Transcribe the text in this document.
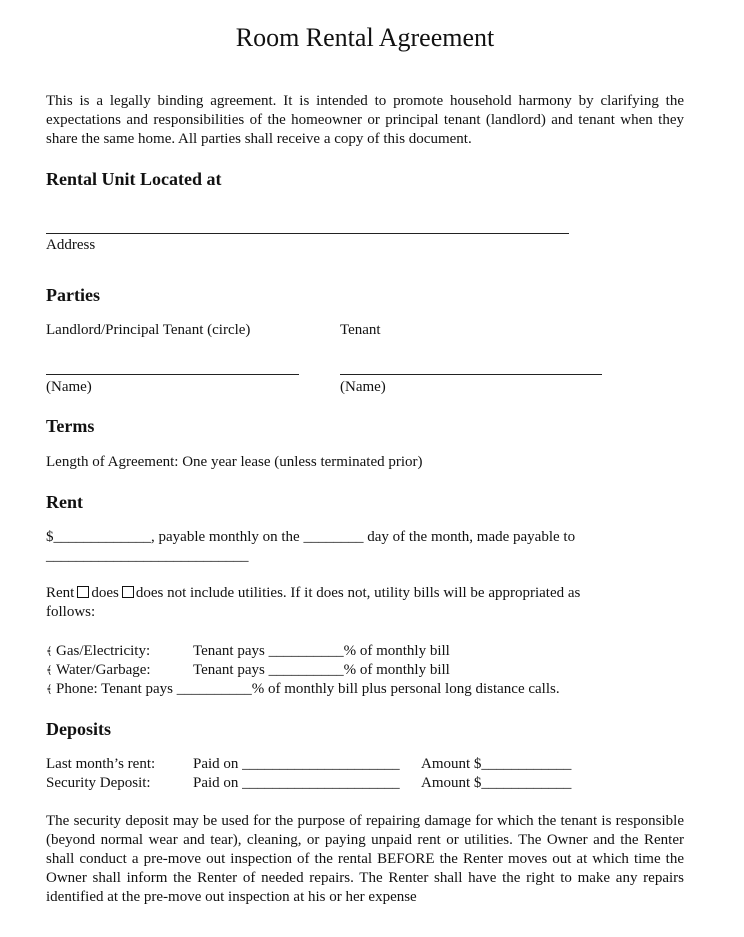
Room Rental Agreement
This is a legally binding agreement. It is intended to promote household harmony by clarifying the expectations and responsibilities of the homeowner or principal tenant (landlord) and tenant when they share the same home. All parties shall receive a copy of this document.
Rental Unit Located at
Address
Parties
Landlord/Principal Tenant (circle)	Tenant
(Name)	(Name)
Terms
Length of Agreement: One year lease (unless terminated prior)
Rent
$_____________, payable monthly on the ________ day of the month, made payable to
___________________________
Rent does does not include utilities. If it does not, utility bills will be appropriated as
follows:
﴾ Gas/Electricity:	Tenant pays __________% of monthly bill
﴾ Water/Garbage:	Tenant pays __________% of monthly bill
﴾ Phone: Tenant pays __________% of monthly bill plus personal long distance calls.
Deposits
Last month’s rent:	Paid on _____________________ Amount $____________
Security Deposit:	Paid on _____________________ Amount $____________
The security deposit may be used for the purpose of repairing damage for which the tenant is responsible (beyond normal wear and tear), cleaning, or paying unpaid rent or utilities. The Owner and the Renter shall conduct a pre-move out inspection of the rental BEFORE the Renter moves out at which time the Owner shall inform the Renter of needed repairs. The Renter shall have the right to make any repairs identified at the pre-move out inspection at his or her expense
